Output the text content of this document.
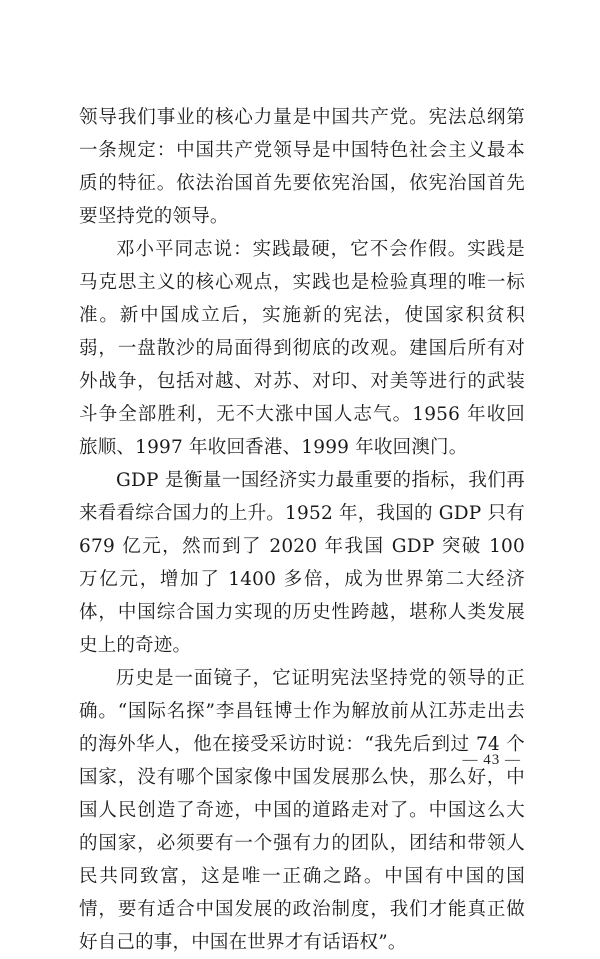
领导我们事业的核心力量是中国共产党。宪法总纲第一条规定：中国共产党领导是中国特色社会主义最本质的特征。依法治国首先要依宪治国，依宪治国首先要坚持党的领导。

邓小平同志说：实践最硬，它不会作假。实践是马克思主义的核心观点，实践也是检验真理的唯一标准。新中国成立后，实施新的宪法，使国家积贫积弱，一盘散沙的局面得到彻底的改观。建国后所有对外战争，包括对越、对苏、对印、对美等进行的武装斗争全部胜利，无不大涨中国人志气。1956 年收回旅顺、1997 年收回香港、1999 年收回澳门。

GDP 是衡量一国经济实力最重要的指标，我们再来看看综合国力的上升。1952 年，我国的 GDP 只有 679 亿元，然而到了 2020 年我国 GDP 突破 100 万亿元，增加了 1400 多倍，成为世界第二大经济体，中国综合国力实现的历史性跨越，堪称人类发展史上的奇迹。

历史是一面镜子，它证明宪法坚持党的领导的正确。“国际名探”李昌钰博士作为解放前从江苏走出去的海外华人，他在接受采访时说：“我先后到过 74 个国家，没有哪个国家像中国发展那么快，那么好，中国人民创造了奇迹，中国的道路走对了。中国这么大的国家，必须要有一个强有力的团队，团结和带领人民共同致富，这是唯一正确之路。中国有中国的国情，要有适合中国发展的政治制度，我们才能真正做好自己的事，中国在世界才有话语权”。

— 43 —
